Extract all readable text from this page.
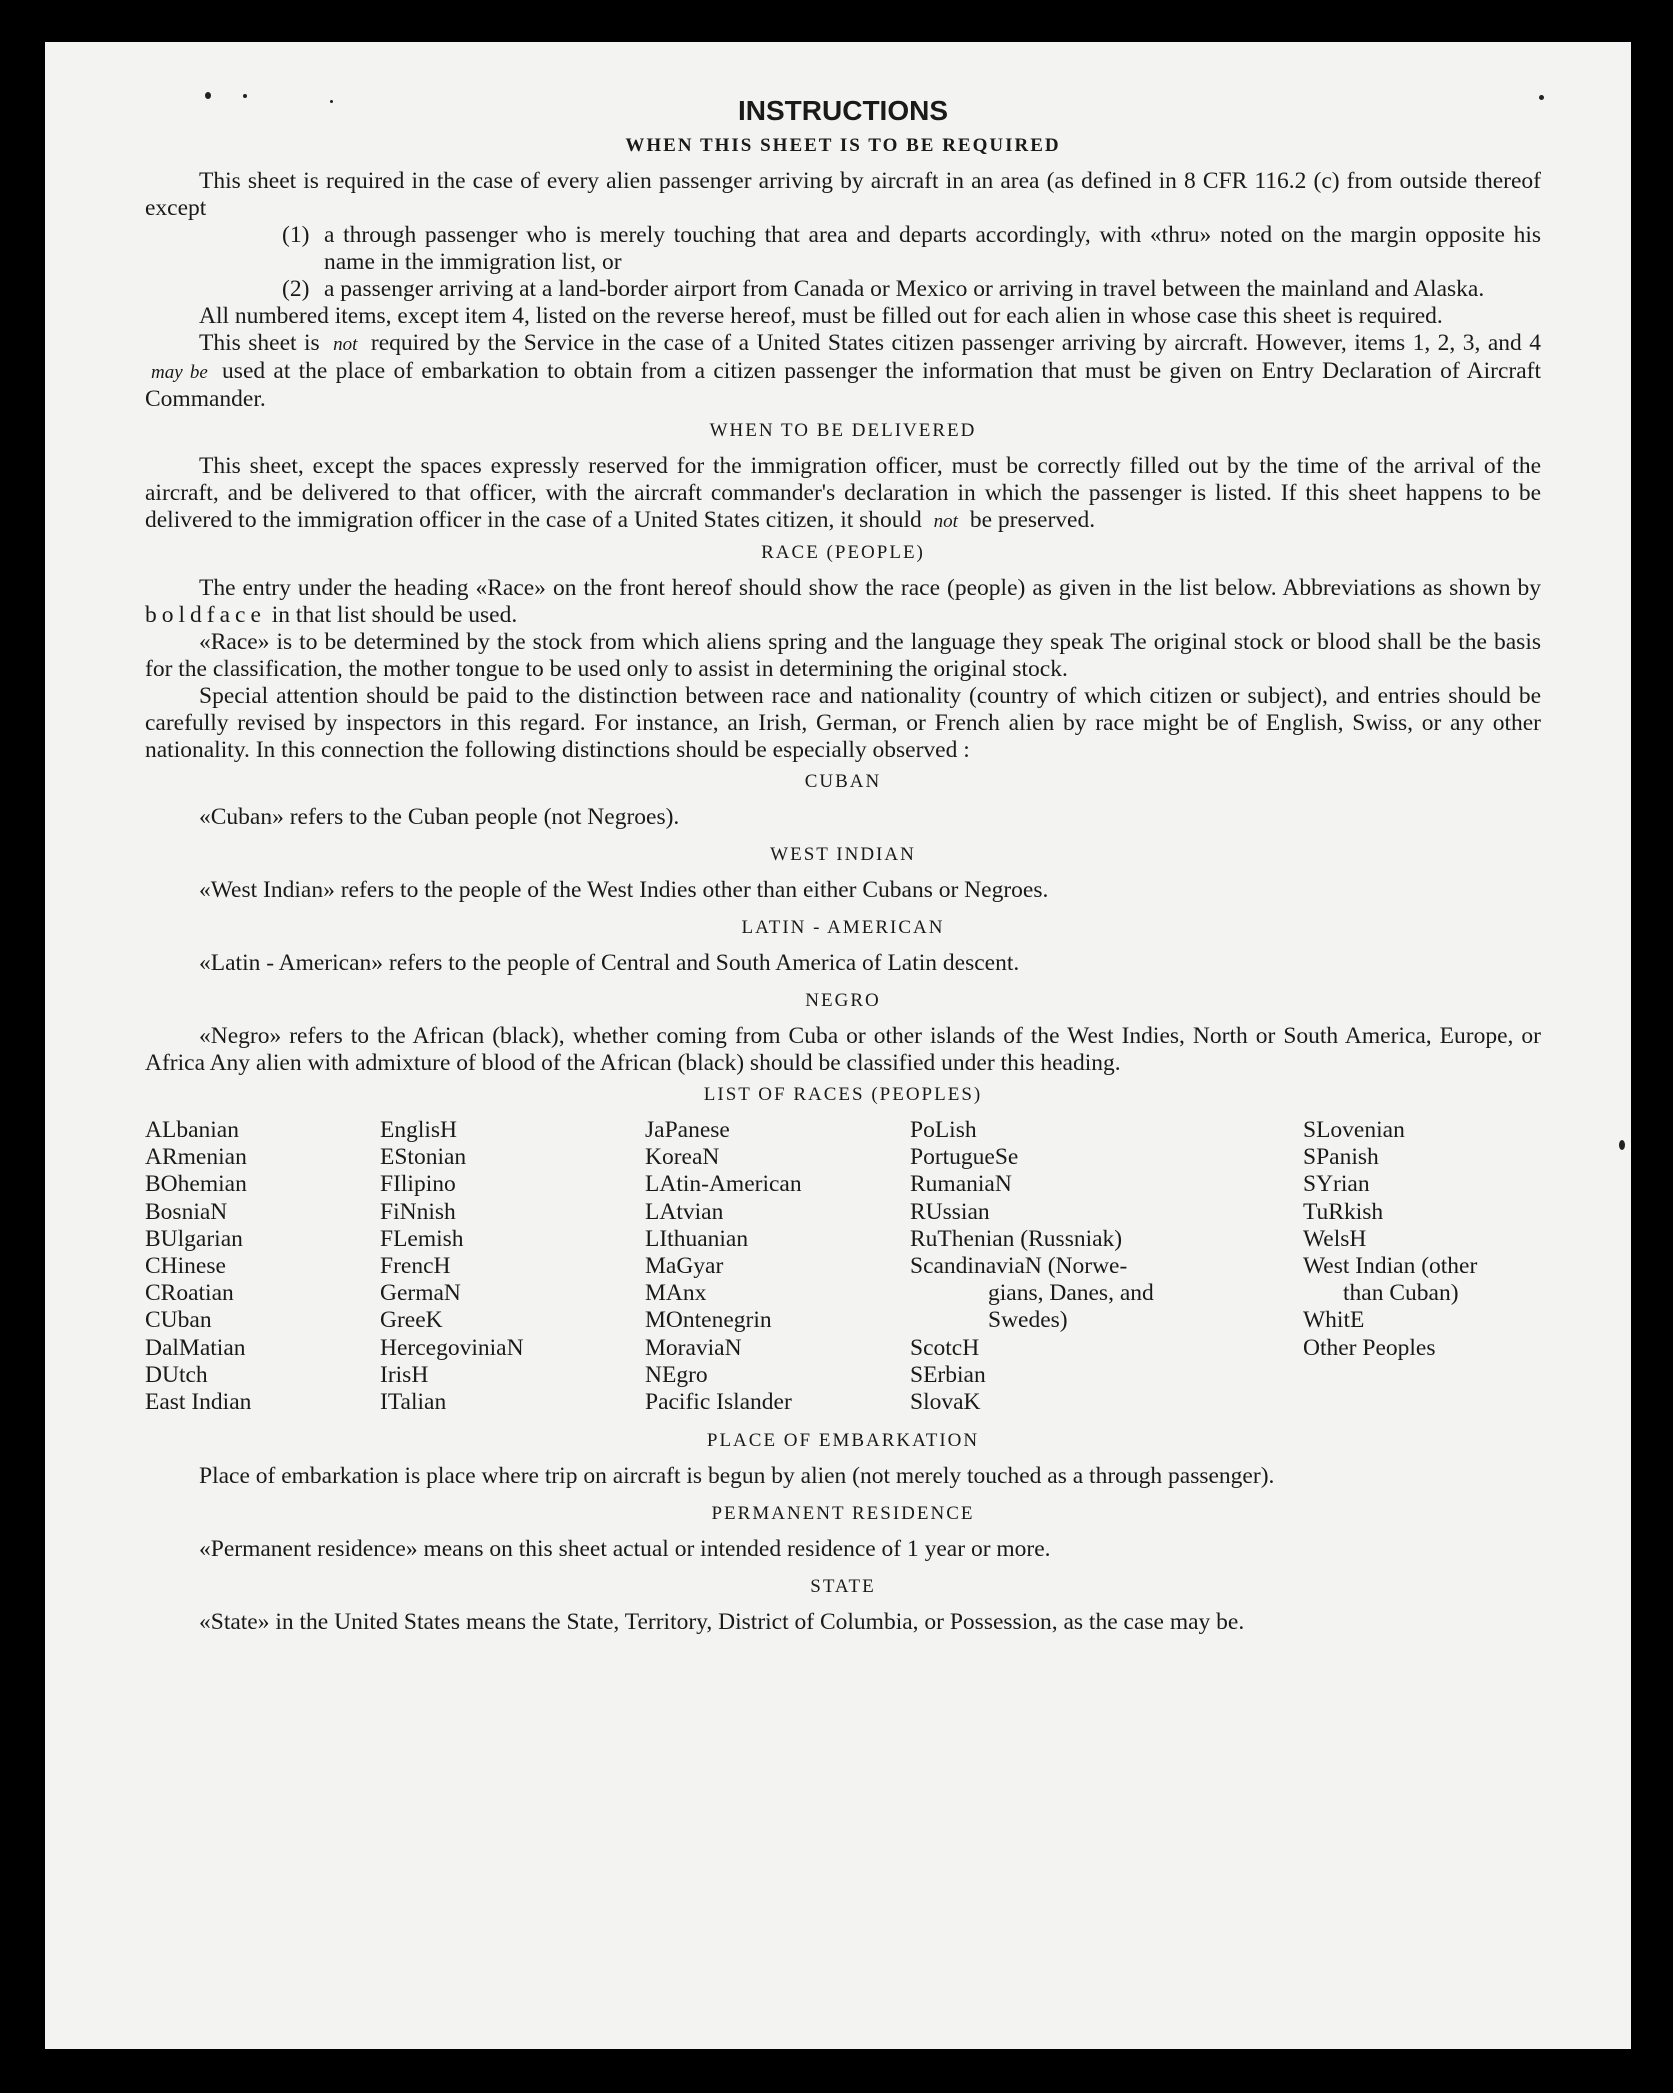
INSTRUCTIONS
WHEN THIS SHEET IS TO BE REQUIRED

This sheet is required in the case of every alien passenger arriving by aircraft in an area (as defined in 8 CFR 116.2 (c) from outside thereof except

(1) a through passenger who is merely touching that area and departs accordingly, with «thru» noted on the margin opposite his name in the immigration list, or
(2) a passenger arriving at a land-border airport from Canada or Mexico or arriving in travel between the mainland and Alaska.

All numbered items, except item 4, listed on the reverse hereof, must be filled out for each alien in whose case this sheet is required.

This sheet is not required by the Service in the case of a United States citizen passenger arriving by aircraft. However, items 1, 2, 3, and 4 may be used at the place of embarkation to obtain from a citizen passenger the information that must be given on Entry Declaration of Aircraft Commander.

WHEN TO BE DELIVERED

This sheet, except the spaces expressly reserved for the immigration officer, must be correctly filled out by the time of the arrival of the aircraft, and be delivered to that officer, with the aircraft commander's declaration in which the passenger is listed. If this sheet happens to be delivered to the immigration officer in the case of a United States citizen, it should not be preserved.

RACE (PEOPLE)

The entry under the heading «Race» on the front hereof should show the race (people) as given in the list below. Abbreviations as shown by boldface in that list should be used.

«Race» is to be determined by the stock from which aliens spring and the language they speak The original stock or blood shall be the basis for the classification, the mother tongue to be used only to assist in determining the original stock.

Special attention should be paid to the distinction between race and nationality (country of which citizen or subject), and entries should be carefully revised by inspectors in this regard. For instance, an Irish, German, or French alien by race might be of English, Swiss, or any other nationality. In this connection the following distinctions should be especially observed :

CUBAN

«Cuban» refers to the Cuban people (not Negroes).

WEST INDIAN

«West Indian» refers to the people of the West Indies other than either Cubans or Negroes.

LATIN - AMERICAN

«Latin - American» refers to the people of Central and South America of Latin descent.

NEGRO

«Negro» refers to the African (black), whether coming from Cuba or other islands of the West Indies, North or South America, Europe, or Africa Any alien with admixture of blood of the African (black) should be classified under this heading.

LIST OF RACES (PEOPLES)
ALbanian
ARmenian
BOhemian
BosniaN
BUlgarian
CHinese
CRoatian
CUban
DalMatian
DUtch
East Indian
EnglisH
EStonian
FIlipino
FiNnish
FLemish
FrencH
GermaN
GreeK
HercegovinіaN
IrisH
ITalian
JaPanese
KoreaN
LAtin-American
LAtvian
LIthuanian
MaGyar
MAnx
MOntenegrin
MoraviaN
NEgro
Pacific Islander
PoLish
PortugueSe
RumaniaN
RUssian
RuThenian (Russniak)
ScandinaviaN (Norwe-
gians, Danes, and
Swedes)
ScotcH
SErbian
SlovaK
SLovenian
SPanish
SYrian
TuRkish
WelsH
West Indian (other
than Cuban)
WhitE
Other Peoples
PLACE OF EMBARKATION

Place of embarkation is place where trip on aircraft is begun by alien (not merely touched as a through passenger).

PERMANENT RESIDENCE

«Permanent residence» means on this sheet actual or intended residence of 1 year or more.

STATE

«State» in the United States means the State, Territory, District of Columbia, or Possession, as the case may be.
